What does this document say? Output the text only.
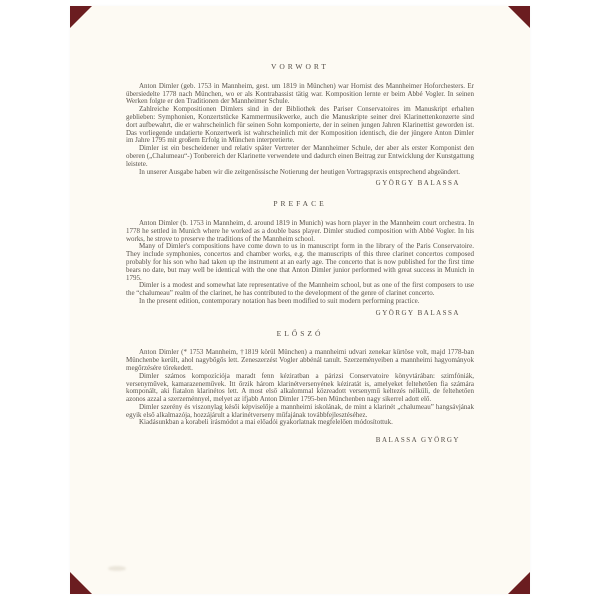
VORWORT

Anton Dimler (geb. 1753 in Mannheim, gest. um 1819 in München) war Hornist des Mannheimer Hoforchesters. Er übersiedelte 1778 nach München, wo er als Kontrabassist tätig war. Komposition lernte er beim Abbé Vogler. In seinen Werken folgte er den Traditionen der Mannheimer Schule.

Zahlreiche Kompositionen Dimlers sind in der Bibliothek des Pariser Conservatoires im Manuskript erhalten geblieben: Symphonien, Konzertstücke Kammermusikwerke, auch die Manuskripte seiner drei Klarinettenkonzerte sind dort aufbewahrt, die er wahrscheinlich für seinen Sohn komponierte, der in seinen jungen Jahren Klarinettist geworden ist. Das vorliegende undatierte Konzertwerk ist wahrscheinlich mit der Komposition identisch, die der jüngere Anton Dimler im Jahre 1795 mit großem Erfolg in München interpretierte.

Dimler ist ein bescheidener und relativ später Vertreter der Mannheimer Schule, der aber als erster Komponist den oberen („Chalumeau“-) Tonbereich der Klarinette verwendete und dadurch einen Beitrag zur Entwicklung der Kunstgattung leistete.

In unserer Ausgabe haben wir die zeitgenössische Notierung der heutigen Vortragspraxis entsprechend abgeändert.

GYÖRGY BALASSA
PREFACE

Anton Dimler (b. 1753 in Mannheim, d. around 1819 in Munich) was horn player in the Mannheim court orchestra. In 1778 he settled in Munich where he worked as a double bass player. Dimler studied composition with Abbé Vogler. In his works, he strove to preserve the traditions of the Mannheim school.

Many of Dimler's compositions have come down to us in manuscript form in the library of the Paris Conservatoire. They include symphonies, concertos and chamber works, e.g. the manuscripts of this three clarinet concertos composed probably for his son who had taken up the instrument at an early age. The concerto that is now published for the first time bears no date, but may well be identical with the one that Anton Dimler junior performed with great success in Munich in 1795.

Dimler is a modest and somewhat late representative of the Mannheim school, but as one of the first composers to use the “chalumeau” realm of the clarinet, he has contributed to the development of the genre of clarinet concerto.

In the present edition, contemporary notation has been modified to suit modern performing practice.

GYÖRGY BALASSA
ELŐSZÓ

Anton Dimler (* 1753 Mannheim, †1819 körül München) a mannheimi udvari zenekar kürtöse volt, majd 1778-ban Münchenbe került, ahol nagybőgős lett. Zeneszerzést Vogler abbénál tanult. Szerzeményeiben a mannheimi hagyományok megőrzésére törekedett.

Dimler számos kompozíciója maradt fenn kéziratban a párizsi Conservatoire könyvtárában: szimfóniák, versenyművek, kamarazeneművek. Itt őrzik három klarinétversenyének kéziratát is, amelyeket feltehetően fia számára komponált, aki fiatalon klarinétos lett. A most első alkalommal közreadott versenymű keltezés nélküli, de feltehetően azonos azzal a szerzeménnyel, melyet az ifjabb Anton Dimler 1795-ben Münchenben nagy sikerrel adott elő.

Dimler szerény és viszonylag késői képviselője a mannheimi iskolának, de mint a klarinét „chalumeau” hangsávjának egyik első alkalmazója, hozzájárult a klarinétverseny műfajának továbbfejlesztéséhez.

Kiadásunkban a korabeli írásmódot a mai előadói gyakorlatnak megfelelően módosítottuk.

BALASSA GYÖRGY
